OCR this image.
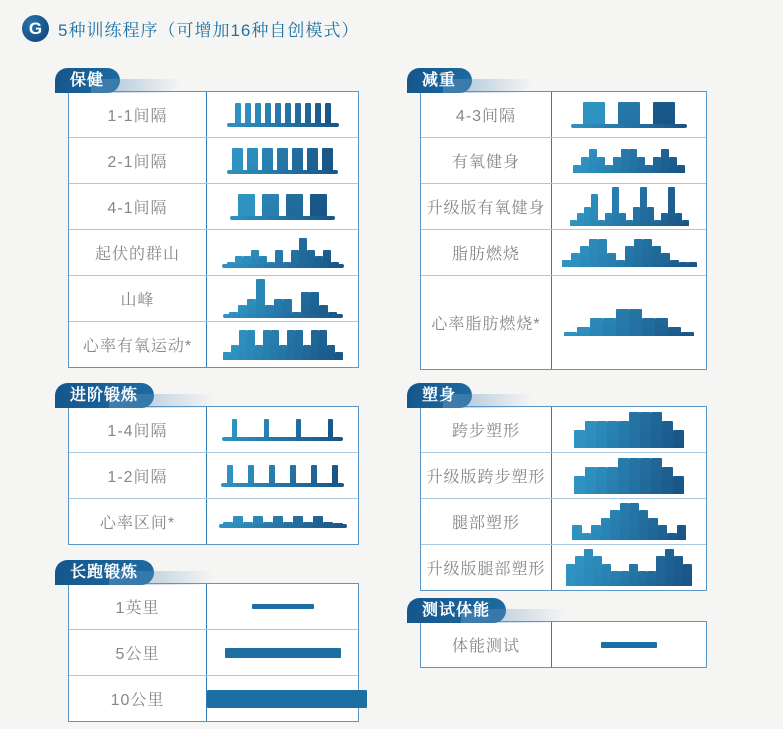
G 5种训练程序（可增加16种自创模式）
保健
1-1间隔
2-1间隔
4-1间隔
起伏的群山
山峰
心率有氧运动*
减重
4-3间隔
有氧健身
升级版有氧健身
脂肪燃烧
心率脂肪燃烧*
进阶锻炼
1-4间隔
1-2间隔
心率区间*
塑身
跨步塑形
升级版跨步塑形
腿部塑形
升级版腿部塑形
长跑锻炼
1英里
5公里
10公里
测试体能
体能测试
